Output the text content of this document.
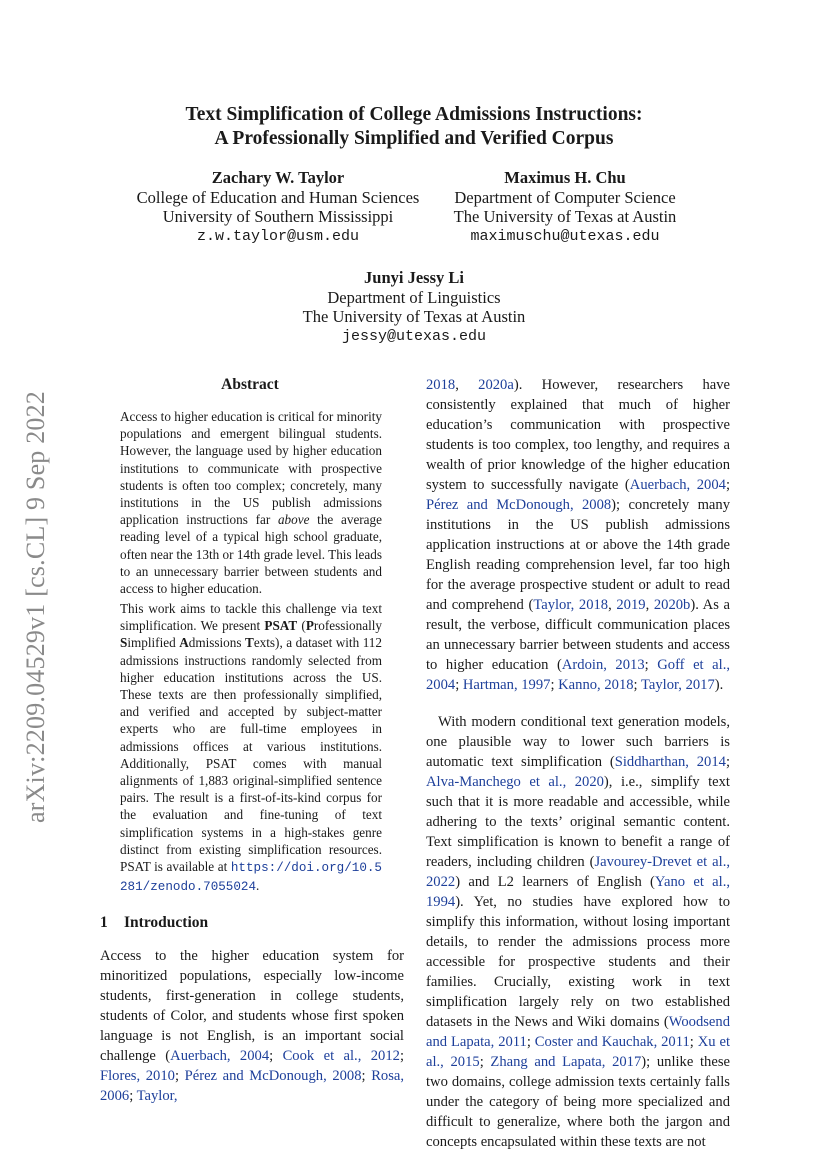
arXiv:2209.04529v1 [cs.CL] 9 Sep 2022
Text Simplification of College Admissions Instructions:
A Professionally Simplified and Verified Corpus
Zachary W. Taylor
College of Education and Human Sciences
University of Southern Mississippi
z.w.taylor@usm.edu
Maximus H. Chu
Department of Computer Science
The University of Texas at Austin
maximuschu@utexas.edu
Junyi Jessy Li
Department of Linguistics
The University of Texas at Austin
jessy@utexas.edu
Abstract

Access to higher education is critical for minority populations and emergent bilingual students. However, the language used by higher education institutions to communicate with prospective students is often too complex; concretely, many institutions in the US publish admissions application instructions far above the average reading level of a typical high school graduate, often near the 13th or 14th grade level. This leads to an unnecessary barrier between students and access to higher education.

This work aims to tackle this challenge via text simplification. We present PSAT (Professionally Simplified Admissions Texts), a dataset with 112 admissions instructions randomly selected from higher education institutions across the US. These texts are then professionally simplified, and verified and accepted by subject-matter experts who are full-time employees in admissions offices at various institutions. Additionally, PSAT comes with manual alignments of 1,883 original-simplified sentence pairs. The result is a first-of-its-kind corpus for the evaluation and fine-tuning of text simplification systems in a high-stakes genre distinct from existing simplification resources. PSAT is available at https://doi.org/10.5281/zenodo.7055024.

1 Introduction

Access to the higher education system for minoritized populations, especially low-income students, first-generation in college students, students of Color, and students whose first spoken language is not English, is an important social challenge (Auerbach, 2004; Cook et al., 2012; Flores, 2010; Pérez and McDonough, 2008; Rosa, 2006; Taylor,

2018, 2020a). However, researchers have consistently explained that much of higher education’s communication with prospective students is too complex, too lengthy, and requires a wealth of prior knowledge of the higher education system to successfully navigate (Auerbach, 2004; Pérez and McDonough, 2008); concretely many institutions in the US publish admissions application instructions at or above the 14th grade English reading comprehension level, far too high for the average prospective student or adult to read and comprehend (Taylor, 2018, 2019, 2020b). As a result, the verbose, difficult communication places an unnecessary barrier between students and access to higher education (Ardoin, 2013; Goff et al., 2004; Hartman, 1997; Kanno, 2018; Taylor, 2017).

With modern conditional text generation models, one plausible way to lower such barriers is automatic text simplification (Siddharthan, 2014; Alva-Manchego et al., 2020), i.e., simplify text such that it is more readable and accessible, while adhering to the texts’ original semantic content. Text simplification is known to benefit a range of readers, including children (Javourey-Drevet et al., 2022) and L2 learners of English (Yano et al., 1994). Yet, no studies have explored how to simplify this information, without losing important details, to render the admissions process more accessible for prospective students and their families. Crucially, existing work in text simplification largely rely on two established datasets in the News and Wiki domains (Woodsend and Lapata, 2011; Coster and Kauchak, 2011; Xu et al., 2015; Zhang and Lapata, 2017); unlike these two domains, college admission texts certainly falls under the category of being more specialized and difficult to generalize, where both the jargon and concepts encapsulated within these texts are not
